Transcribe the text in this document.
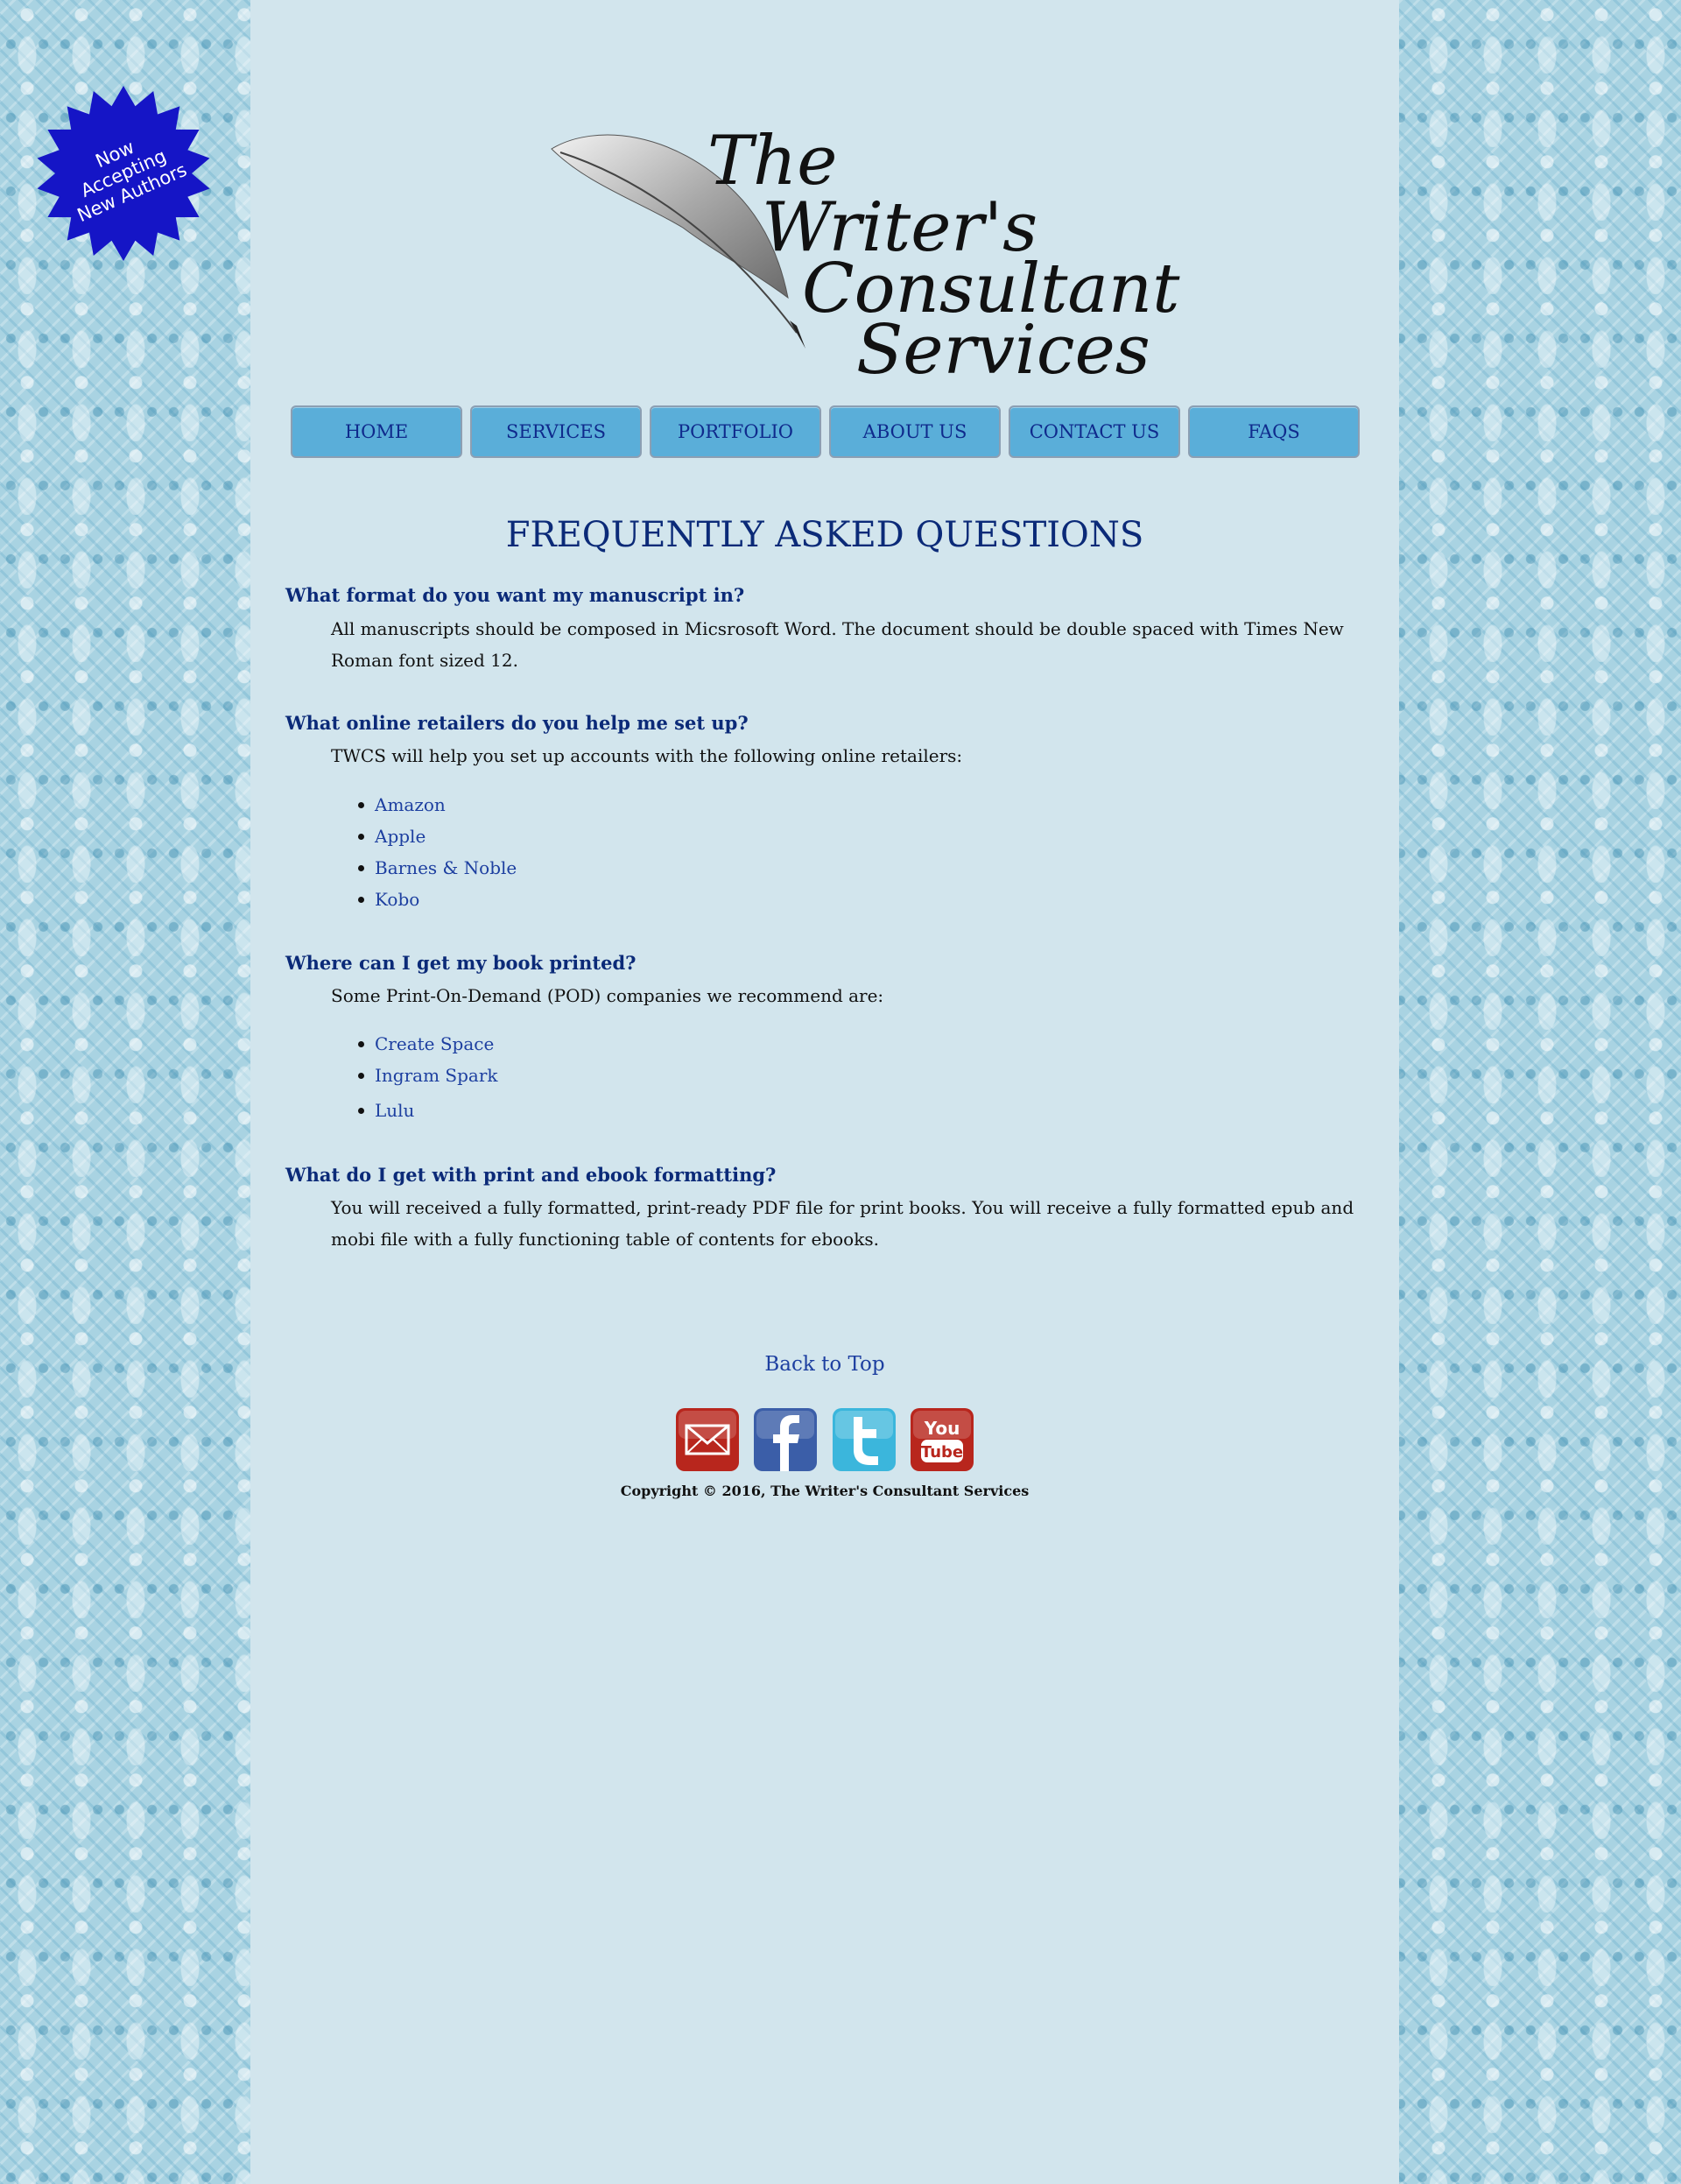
Now
Accepting
New Authors	The
Writer's
Consultant
Services
HOME	SERVICES	PORTFOLIO	ABOUT US	CONTACT US	FAQS
FREQUENTLY ASKED QUESTIONS
What format do you want my manuscript in?
All manuscripts should be composed in Micsrosoft Word. The document should be double spaced with Times New Roman font sized 12.
What online retailers do you help me set up?
TWCS will help you set up accounts with the following online retailers:
Amazon
Apple
Barnes & Noble
Kobo
Where can I get my book printed?
Some Print-On-Demand (POD) companies we recommend are:
Create Space
Ingram Spark
Lulu
What do I get with print and ebook formatting?
You will received a fully formatted, print-ready PDF file for print books. You will receive a fully formatted epub and mobi file with a fully functioning table of contents for ebooks.
Back to Top
You
Tube
Copyright © 2016, The Writer's Consultant Services
